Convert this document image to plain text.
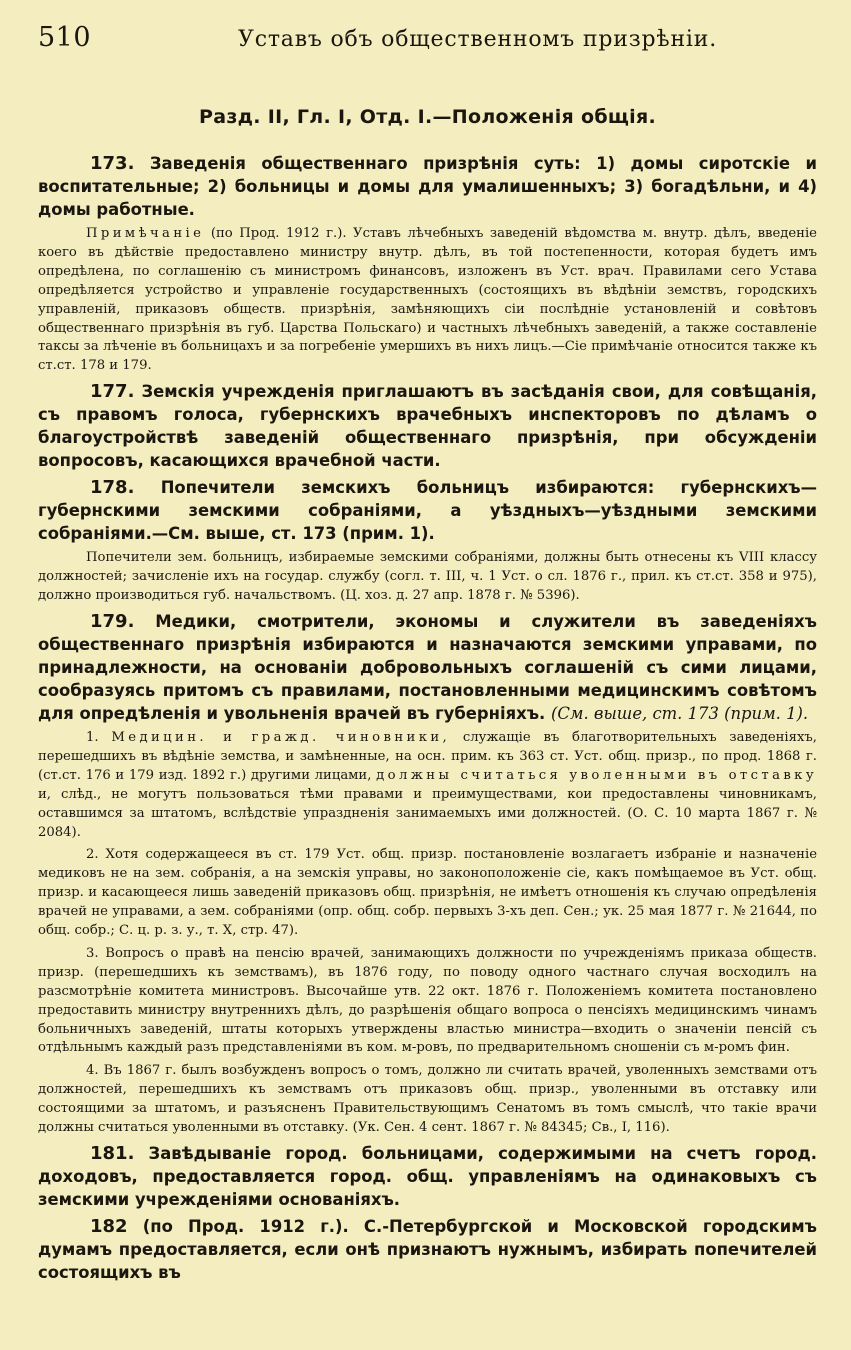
510	Уставъ объ общественномъ призрѣніи.
Разд. II, Гл. I, Отд. I.—Положенія общія.

173. Заведенія общественнаго призрѣнія суть: 1) домы сиротскіе и воспитательные; 2) больницы и домы для умалишенныхъ; 3) богадѣльни, и 4) домы работные.

Примѣчаніе (по Прод. 1912 г.). Уставъ лѣчебныхъ заведеній вѣдомства м. внутр. дѣлъ, введеніе коего въ дѣйствіе предоставлено министру внутр. дѣлъ, въ той постепенности, которая будетъ имъ опредѣлена, по соглашенію съ министромъ финансовъ, изложенъ въ Уст. врач. Правилами сего Устава опредѣляется устройство и управленіе государственныхъ (состоящихъ въ вѣдѣніи земствъ, городскихъ управленій, приказовъ обществ. призрѣнія, замѣняющихъ сіи послѣдніе установленій и совѣтовъ общественнаго призрѣнія въ губ. Царства Польскаго) и частныхъ лѣчебныхъ заведеній, а также составленіе таксы за лѣченіе въ больницахъ и за погребеніе умершихъ въ нихъ лицъ.—Сіе примѣчаніе относится также къ ст.ст. 178 и 179.

177. Земскія учрежденія приглашаютъ въ засѣданія свои, для совѣщанія, съ правомъ голоса, губернскихъ врачебныхъ инспекторовъ по дѣламъ о благоустройствѣ заведеній общественнаго призрѣнія, при обсужденіи вопросовъ, касающихся врачебной части.

178. Попечители земскихъ больницъ избираются: губернскихъ—губернскими земскими собраніями, а уѣздныхъ—уѣздными земскими собраніями.—См. выше, ст. 173 (прим. 1).

Попечители зем. больницъ, избираемые земскими собраніями, должны быть отнесены къ VIII классу должностей; зачисленіе ихъ на государ. службу (согл. т. III, ч. 1 Уст. о сл. 1876 г., прил. къ ст.ст. 358 и 975), должно производиться губ. начальствомъ. (Ц. хоз. д. 27 апр. 1878 г. № 5396).

179. Медики, смотрители, экономы и служители въ заведеніяхъ общественнаго призрѣнія избираются и назначаются земскими управами, по принадлежности, на основаніи добровольныхъ соглашеній съ сими лицами, сообразуясь притомъ съ правилами, постановленными медицинскимъ совѣтомъ для опредѣленія и увольненія врачей въ губерніяхъ. (См. выше, ст. 173 (прим. 1).

1. Медицин. и гражд. чиновники, служащіе въ благотворительныхъ заведеніяхъ, перешедшихъ въ вѣдѣніе земства, и замѣненные, на осн. прим. къ 363 ст. Уст. общ. призр., по прод. 1868 г. (ст.ст. 176 и 179 изд. 1892 г.) другими лицами, должны считаться уволенными въ отставку и, слѣд., не могутъ пользоваться тѣми правами и преимуществами, кои предоставлены чиновникамъ, оставшимся за штатомъ, вслѣдствіе упраздненія занимаемыхъ ими должностей. (О. С. 10 марта 1867 г. № 2084).

2. Хотя содержащееся въ ст. 179 Уст. общ. призр. постановленіе возлагаетъ избраніе и назначеніе медиковъ не на зем. собранія, а на земскія управы, но законоположеніе сіе, какъ помѣщаемое въ Уст. общ. призр. и касающееся лишь заведеній приказовъ общ. призрѣнія, не имѣетъ отношенія къ случаю опредѣленія врачей не управами, а зем. собраніями (опр. общ. собр. первыхъ 3-хъ деп. Сен.; ук. 25 мая 1877 г. № 21644, по общ. собр.; С. ц. р. з. у., т. X, стр. 47).

3. Вопросъ о правѣ на пенсію врачей, занимающихъ должности по учрежденіямъ приказа обществ. призр. (перешедшихъ къ земствамъ), въ 1876 году, по поводу одного частнаго случая восходилъ на разсмотрѣніе комитета министровъ. Высочайше утв. 22 окт. 1876 г. Положеніемъ комитета постановлено предоставить министру внутреннихъ дѣлъ, до разрѣшенія общаго вопроса о пенсіяхъ медицинскимъ чинамъ больничныхъ заведеній, штаты которыхъ утверждены властью министра—входить о значеніи пенсій съ отдѣльнымъ каждый разъ представленіями въ ком. м-ровъ, по предварительномъ сношеніи съ м-ромъ фин.

4. Въ 1867 г. былъ возбужденъ вопросъ о томъ, должно ли считать врачей, уволенныхъ земствами отъ должностей, перешедшихъ къ земствамъ отъ приказовъ общ. призр., уволенными въ отставку или состоящими за штатомъ, и разъясненъ Правительствующимъ Сенатомъ въ томъ смыслѣ, что такіе врачи должны считаться уволенными въ отставку. (Ук. Сен. 4 сент. 1867 г. № 84345; Св., I, 116).

181. Завѣдываніе город. больницами, содержимыми на счетъ город. доходовъ, предоставляется город. общ. управленіямъ на одинаковыхъ съ земскими учрежденіями основаніяхъ.

182 (по Прод. 1912 г.). С.-Петербургской и Московской городскимъ думамъ предоставляется, если онѣ признаютъ нужнымъ, избирать попечителей состоящихъ въ
